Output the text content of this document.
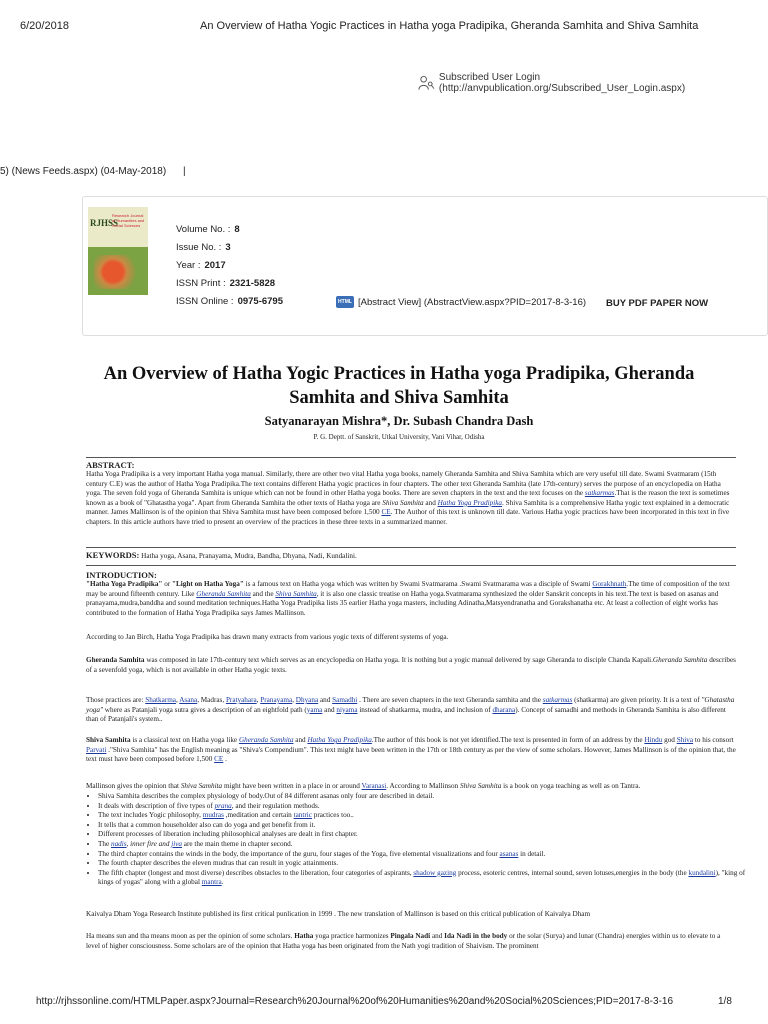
6/20/2018	An Overview of Hatha Yogic Practices in Hatha yoga Pradipika, Gheranda Samhita and Shiva Samhita
Subscribed User Login (http://anvpublication.org/Subscribed_User_Login.aspx)
5) (News Feeds.aspx) (04-May-2018) |
RJHSS
Research Journal of Humanities and Social Sciences	Volume No. : 8
Issue No. : 3
Year : 2017
ISSN Print : 2321-5828
ISSN Online : 0975-6795	HTML [Abstract View] (AbstractView.aspx?PID=2017-8-3-16) BUY PDF PAPER NOW
An Overview of Hatha Yogic Practices in Hatha yoga Pradipika, Gheranda
Samhita and Shiva Samhita
Satyanarayan Mishra*, Dr. Subash Chandra Dash
P. G. Deptt. of Sanskrit, Utkal University, Vani Vihar, Odisha
ABSTRACT:
Hatha Yoga Pradipika is a very important Hatha yoga manual. Similarly, there are other two vital Hatha yoga books, namely Gheranda Samhita and Shiva Samhita which are very useful till date. Swami Svatmaram (15th century C.E) was the author of Hatha Yoga Pradipika.The text contains different Hatha yogic practices in four chapters. The other text Gheranda Samhita (late 17th-century) serves the purpose of an encyclopedia on Hatha yoga. The seven fold yoga of Gheranda Samhita is unique which can not be found in other Hatha yoga books. There are seven chapters in the text and the text focuses on the satkarmas.That is the reason the text is sometimes known as a book of "Ghatastha yoga". Apart from Gheranda Samhita the other texts of Hatha yoga are Shiva Samhita and Hatha Yoga Pradipika. Shiva Samhita is a comprehensive Hatha yogic text explained in a democratic manner. James Mallinson is of the opinion that Shiva Samhita must have been composed before 1,500 CE. The Author of this text is unknown till date. Various Hatha yogic practices have been incorporated in this text in five chapters. In this article authors have tried to present an overview of the practices in these three texts in a summarized manner.
KEYWORDS: Hatha yoga, Asana, Pranayama, Mudra, Bandha, Dhyana, Nadi, Kundalini.
INTRODUCTION:
"Hatha Yoga Pradipika" or "Light on Hatha Yoga" is a famous text on Hatha yoga which was written by Swami Svatmarama .Swami Svatmarama was a disciple of Swami Gorakhnath.The time of composition of the text may be around fifteenth century. Like Gheranda Samhita and the Shiva Samhita, it is also one classic treatise on Hatha yoga.Svatmarama synthesized the older Sanskrit concepts in his text.The text is based on asanas and pranayama,mudra,banddha and sound meditation techniques.Hatha Yoga Pradipika lists 35 earlier Hatha yoga masters, including Adinatha,Matsyendranatha and Gorakshanatha etc. At least a collection of eight works has contributed to the formation of Hatha Yoga Pradipika says James Mallinson.
According to Jan Birch, Hatha Yoga Pradipika has drawn many extracts from various yogic texts of different systems of yoga.
Gheranda Samhita was composed in late 17th-century text which serves as an encyclopedia on Hatha yoga. It is nothing but a yogic manual delivered by sage Gheranda to disciple Chanda Kapali.Gheranda Samhita describes of a sevenfold yoga, which is not available in other Hatha yogic texts.
Those practices are: Shatkarma, Asana, Madras, Pratyahara, Pranayama, Dhyana and Samadhi . There are seven chapters in the text Gheranda samhita and the satkarmas (shatkarma) are given priority. It is a text of "Ghatastha yoga" where as Patanjali yoga sutra gives a description of an eightfold path (yama and niyama instead of shatkarma, mudra, and inclusion of dharana). Concept of samadhi and methods in Gheranda Samhita is also different than of Patanjali's system..
Shiva Samhita is a classical text on Hatha yoga like Gheranda Samhita and Hatha Yoga Pradipika.The author of this book is not yet identified.The text is presented in form of an address by the Hindu god Shiva to his consort Parvati ."Shiva Samhita" has the English meaning as "Shiva's Compendium". This text might have been written in the 17th or 18th century as per the view of some scholars. However, James Mallinson is of the opinion that, the text must have been composed before 1,500 CE .
Mallinson gives the opinion that Shiva Samhita might have been written in a place in or around Varanasi. According to Mallinson Shiva Samhita is a book on yoga teaching as well as on Tantra.
• Shiva Samhita describes the complex physiology of body.Out of 84 different asanas only four are described in detail.
• It deals with description of five types of prana, and their regulation methods.
• The text includes Yogic philosophy, mudras ,meditation and certain tantric practices too..
• It tells that a common householder also can do yoga and get benefit from it.
• Different processes of liberation including philosophical analyses are dealt in first chapter.
• The nadis, inner fire and jiva are the main theme in chapter second.
• The third chapter contains the winds in the body, the importance of the guru, four stages of the Yoga, five elemental visualizations and four asanas in detail.
• The fourth chapter describes the eleven mudras that can result in yogic attainments.
• The fifth chapter (longest and most diverse) describes obstacles to the liberation, four categories of aspirants, shadow gazing process, esoteric centres, internal sound, seven lotuses,energies in the body (the kundalini), "king of kings of yogas" along with a global mantra.
Kaivalya Dham Yoga Research Institute published its first critical punlication in 1999 . The new translation of Mallinson is based on this critical publication of Kaivalya Dham
Ha means sun and tha means moon as per the opinion of some scholars. Hatha yoga practice harmonizes Pingala Nadi and Ida Nadi in the body or the solar (Surya) and lunar (Chandra) energies within us to elevate to a level of higher consciousness. Some scholars are of the opinion that Hatha yoga has been originated from the Nath yogi tradition of Shaivism. The prominent
http://rjhssonline.com/HTMLPaper.aspx?Journal=Research%20Journal%20of%20Humanities%20and%20Social%20Sciences;PID=2017-8-3-16	1/8
